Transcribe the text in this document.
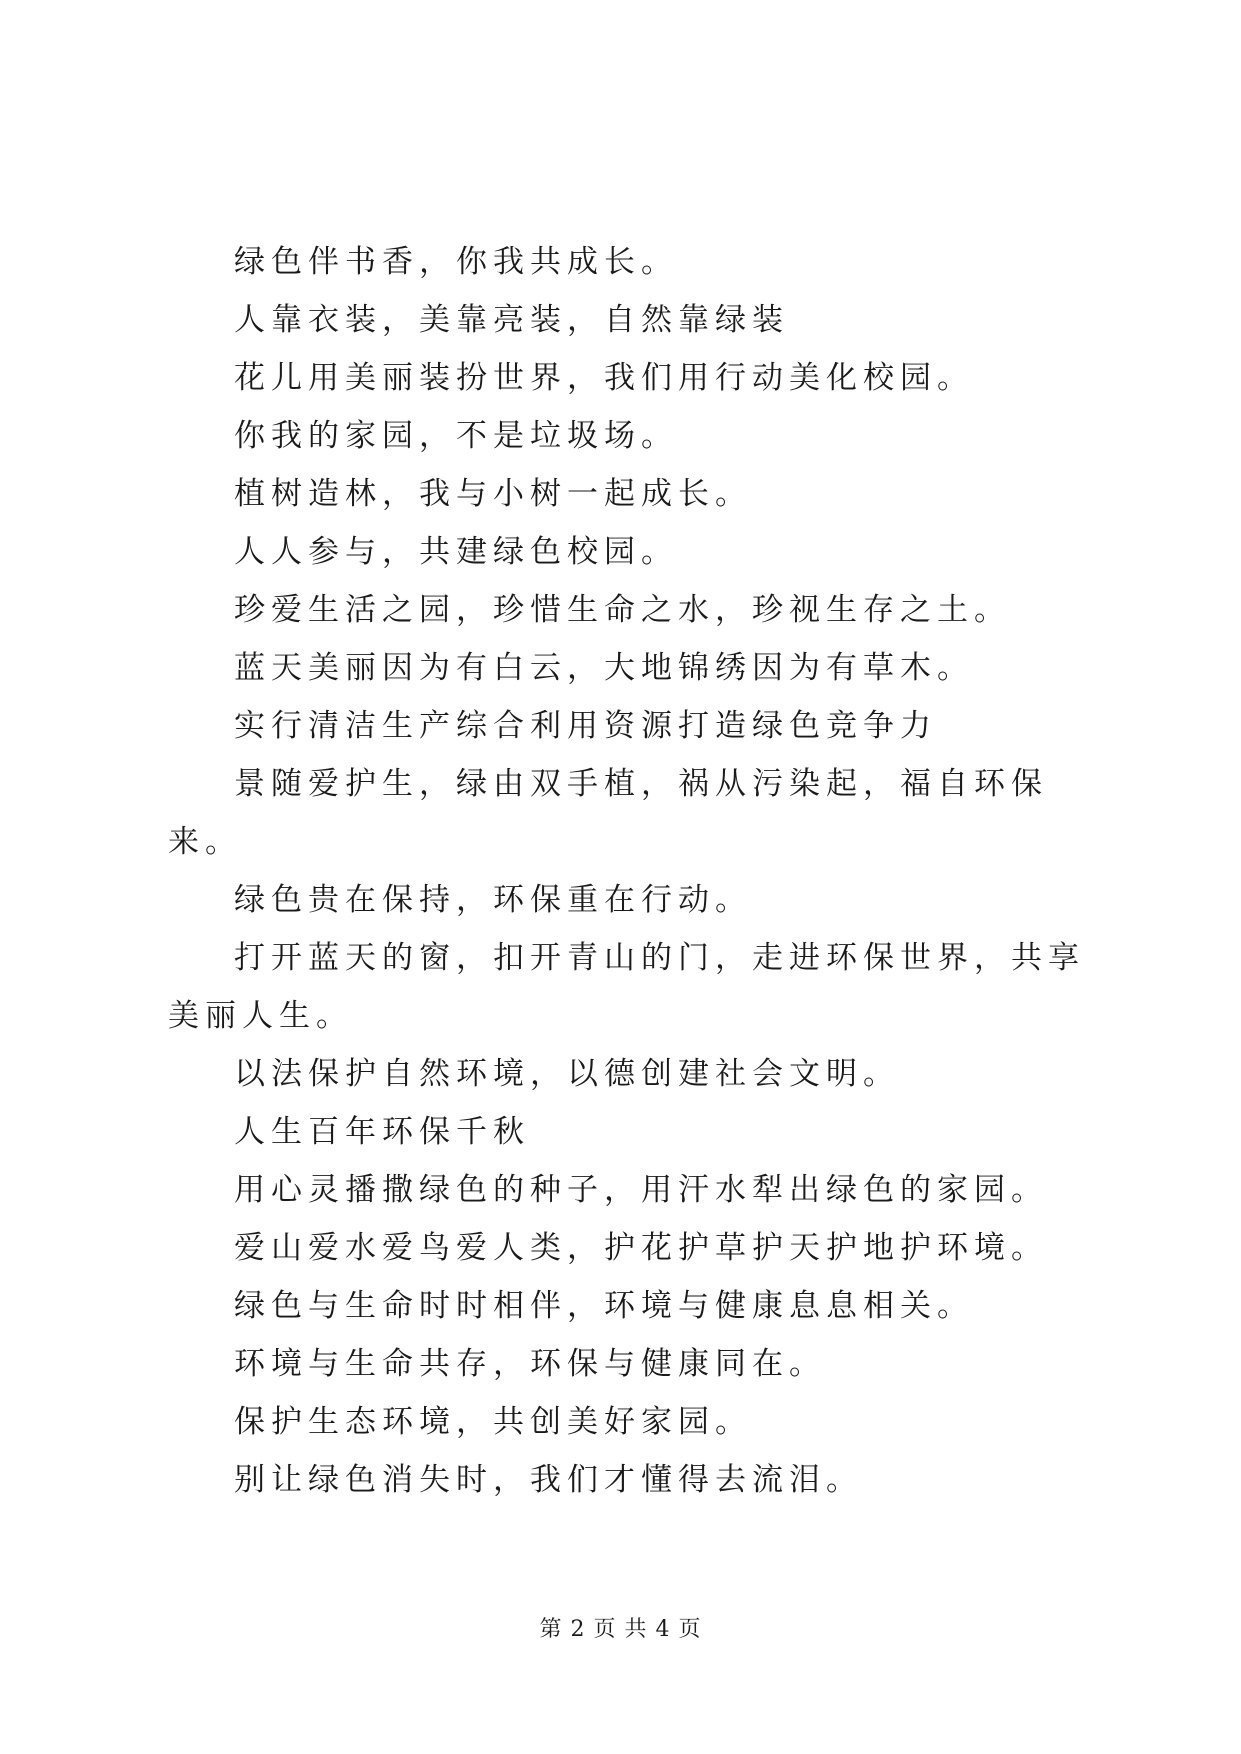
绿色伴书香，你我共成长。

人靠衣装，美靠亮装，自然靠绿装

花儿用美丽装扮世界，我们用行动美化校园。

你我的家园，不是垃圾场。

植树造林，我与小树一起成长。

人人参与，共建绿色校园。

珍爱生活之园，珍惜生命之水，珍视生存之土。

蓝天美丽因为有白云，大地锦绣因为有草木。

实行清洁生产综合利用资源打造绿色竞争力

景随爱护生，绿由双手植，祸从污染起，福自环保来。

绿色贵在保持，环保重在行动。

打开蓝天的窗，扣开青山的门，走进环保世界，共享美丽人生。

以法保护自然环境，以德创建社会文明。

人生百年环保千秋

用心灵播撒绿色的种子，用汗水犁出绿色的家园。

爱山爱水爱鸟爱人类，护花护草护天护地护环境。

绿色与生命时时相伴，环境与健康息息相关。

环境与生命共存，环保与健康同在。

保护生态环境，共创美好家园。

别让绿色消失时，我们才懂得去流泪。

第 2 页 共 4 页
